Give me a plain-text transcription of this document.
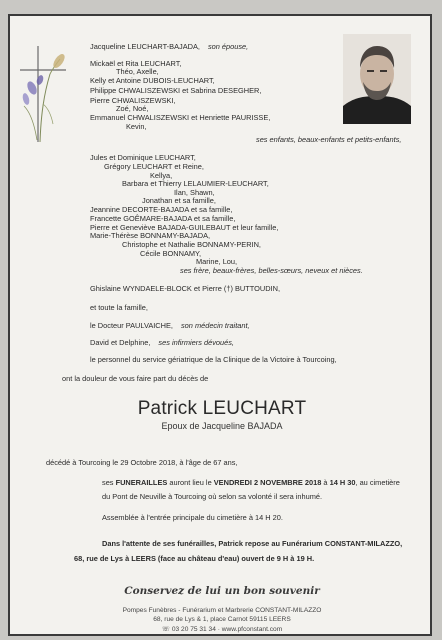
Jacqueline LEUCHART-BAJADA, son épouse,
Mickaël et Rita LEUCHART,
Théo, Axelle,
Kelly et Antoine DUBOIS-LEUCHART,
Philippe CHWALISZEWSKI et Sabrina DESEGHER,
Pierre CHWALISZEWSKI,
Zoé, Noé,
Emmanuel CHWALISZEWSKI et Henriette PAURISSE,
Kevin,
ses enfants, beaux-enfants et petits-enfants,
Jules et Dominique LEUCHART,
Grégory LEUCHART et Reine,
Kellya,
Barbara et Thierry LELAUMIER-LEUCHART,
Ilan, Shawn,
Jonathan et sa famille,
Jeannine DECORTE-BAJADA et sa famille,
Francette GOÊMARE-BAJADA et sa famille,
Pierre et Geneviève BAJADA-GUILEBAUT et leur famille,
Marie-Thérèse BONNAMY-BAJADA,
Christophe et Nathalie BONNAMY-PERIN,
Cécile BONNAMY,
Marine, Lou,
ses frère, beaux-frères, belles-sœurs, neveux et nièces.
Ghislaine WYNDAELE-BLOCK et Pierre (†) BUTTOUDIN,
et toute la famille,
le Docteur PAULVAICHE, son médecin traitant,
David et Delphine, ses infirmiers dévoués,
le personnel du service gériatrique de la Clinique de la Victoire à Tourcoing,
ont la douleur de vous faire part du décès de
Patrick LEUCHART
Epoux de Jacqueline BAJADA
décédé à Tourcoing le 29 Octobre 2018, à l'âge de 67 ans,
ses FUNERAILLES auront lieu le VENDREDI 2 NOVEMBRE 2018 à 14 H 30, au cimetière
du Pont de Neuville à Tourcoing où selon sa volonté il sera inhumé.
Assemblée à l'entrée principale du cimetière à 14 H 20.
Dans l'attente de ses funérailles, Patrick repose au Funérarium CONSTANT-MILAZZO,
68, rue de Lys à LEERS (face au château d'eau) ouvert de 9 H à 19 H.
Conservez de lui un bon souvenir
Pompes Funèbres - Funérarium et Marbrerie CONSTANT-MILAZZO
68, rue de Lys & 1, place Carnot 59115 LEERS
☏ 03 20 75 31 34 · www.pfconstant.com
